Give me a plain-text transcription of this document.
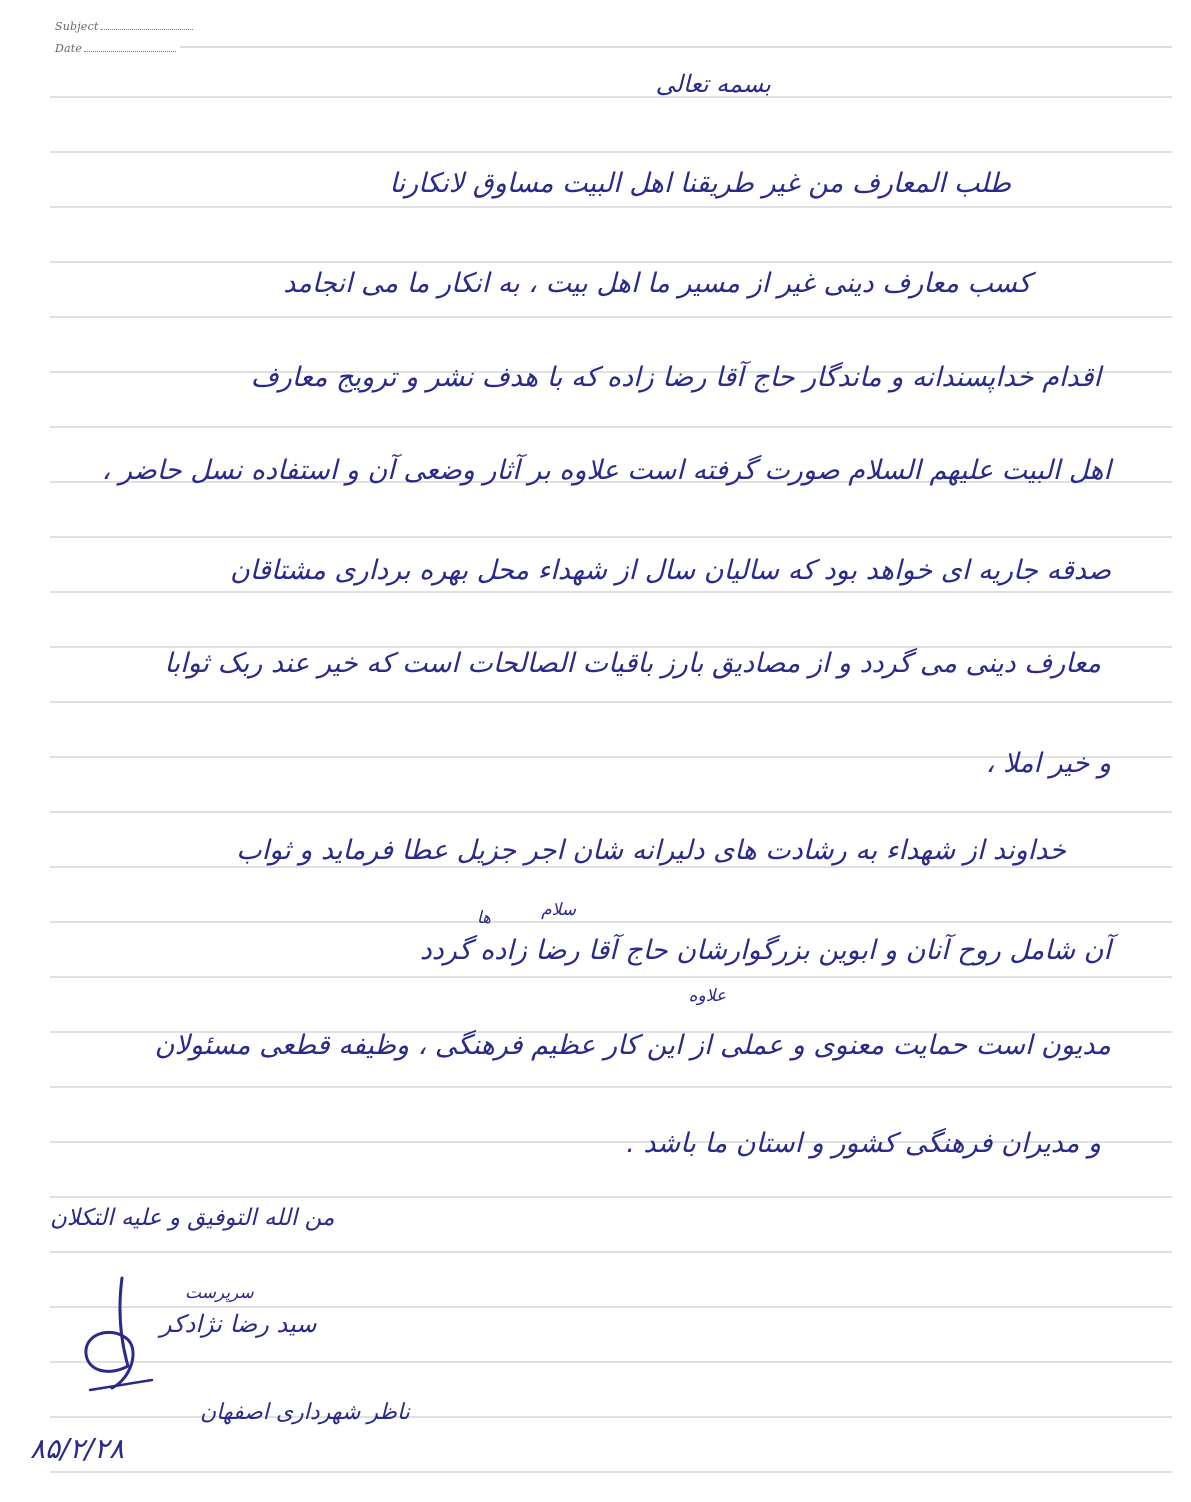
Subject
Date
بسمه تعالی
طلب المعارف من غیر طریقنا اهل البیت مساوق لانکارنا
کسب معارف دینی غیر از مسیر ما اهل بیت ، به انکار ما می انجامد
اقدام خداپسندانه و ماندگار حاج آقا رضا زاده که با هدف نشر و ترویج معارف
اهل البیت علیهم السلام صورت گرفته است علاوه بر آثار وضعی آن و استفاده نسل حاضر ،
صدقه جاریه ای خواهد بود که سالیان سال از شهداء محل بهره برداری مشتاقان
معارف دینی می گردد و از مصادیق بارز باقیات الصالحات است که خیر عند ربک ثوابا
و خیر املا ،
خداوند از شهداء به رشادت های دلیرانه شان اجر جزیل عطا فرماید و ثواب
سلام
ها
آن شامل روح آنان و ابوین بزرگوارشان حاج آقا رضا زاده گردد
علاوه
مدیون است حمایت معنوی و عملی از این کار عظیم فرهنگی ، وظیفه قطعی مسئولان
و مدیران فرهنگی کشور و استان ما باشد .
من الله التوفیق و علیه التکلان
سرپرست
سید رضا نژادکر
ناظر شهرداری اصفهان
۸۵/۲/۲۸
